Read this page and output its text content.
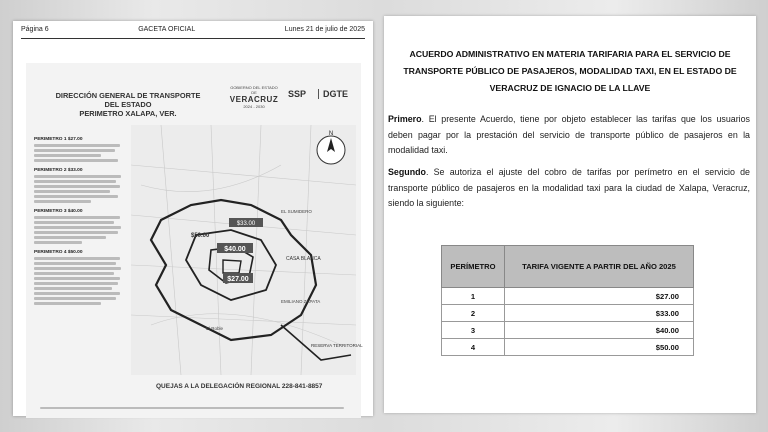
Página 6	GACETA OFICIAL	Lunes 21 de julio de 2025
DIRECCIÓN GENERAL DE TRANSPORTE DEL ESTADO
PERIMETRO XALAPA, VER.
GOBIERNO DEL ESTADO DE
VERACRUZ
2024 - 2030
SSP	DGTE
PERIMETRO 1 $27.00
PERIMETRO 2 $33.00
PERIMETRO 3 $40.00
PERIMETRO 4 $50.00
$33.00
$40.00
$27.00
$50.00
EL SUMIDERO
EMILIANO ZAPATA
CASA BLANCA
RESERVA TERRITORIAL
El Roble
N
QUEJAS A LA DELEGACIÓN REGIONAL 228-841-8857
ACUERDO ADMINISTRATIVO EN MATERIA TARIFARIA PARA EL SERVICIO DE TRANSPORTE PÚBLICO DE PASAJEROS, MODALIDAD TAXI, EN EL ESTADO DE VERACRUZ DE IGNACIO DE LA LLAVE
Primero. El presente Acuerdo, tiene por objeto establecer las tarifas que los usuarios deben pagar por la prestación del servicio de transporte público de pasajeros en la modalidad taxi.
Segundo. Se autoriza el ajuste del cobro de tarifas por perímetro en el servicio de transporte público de pasajeros en la modalidad taxi para la ciudad de Xalapa, Veracruz, siendo la siguiente:
PERÍMETRO	TARIFA VIGENTE A PARTIR DEL AÑO 2025
1	$27.00
2	$33.00
3	$40.00
4	$50.00
